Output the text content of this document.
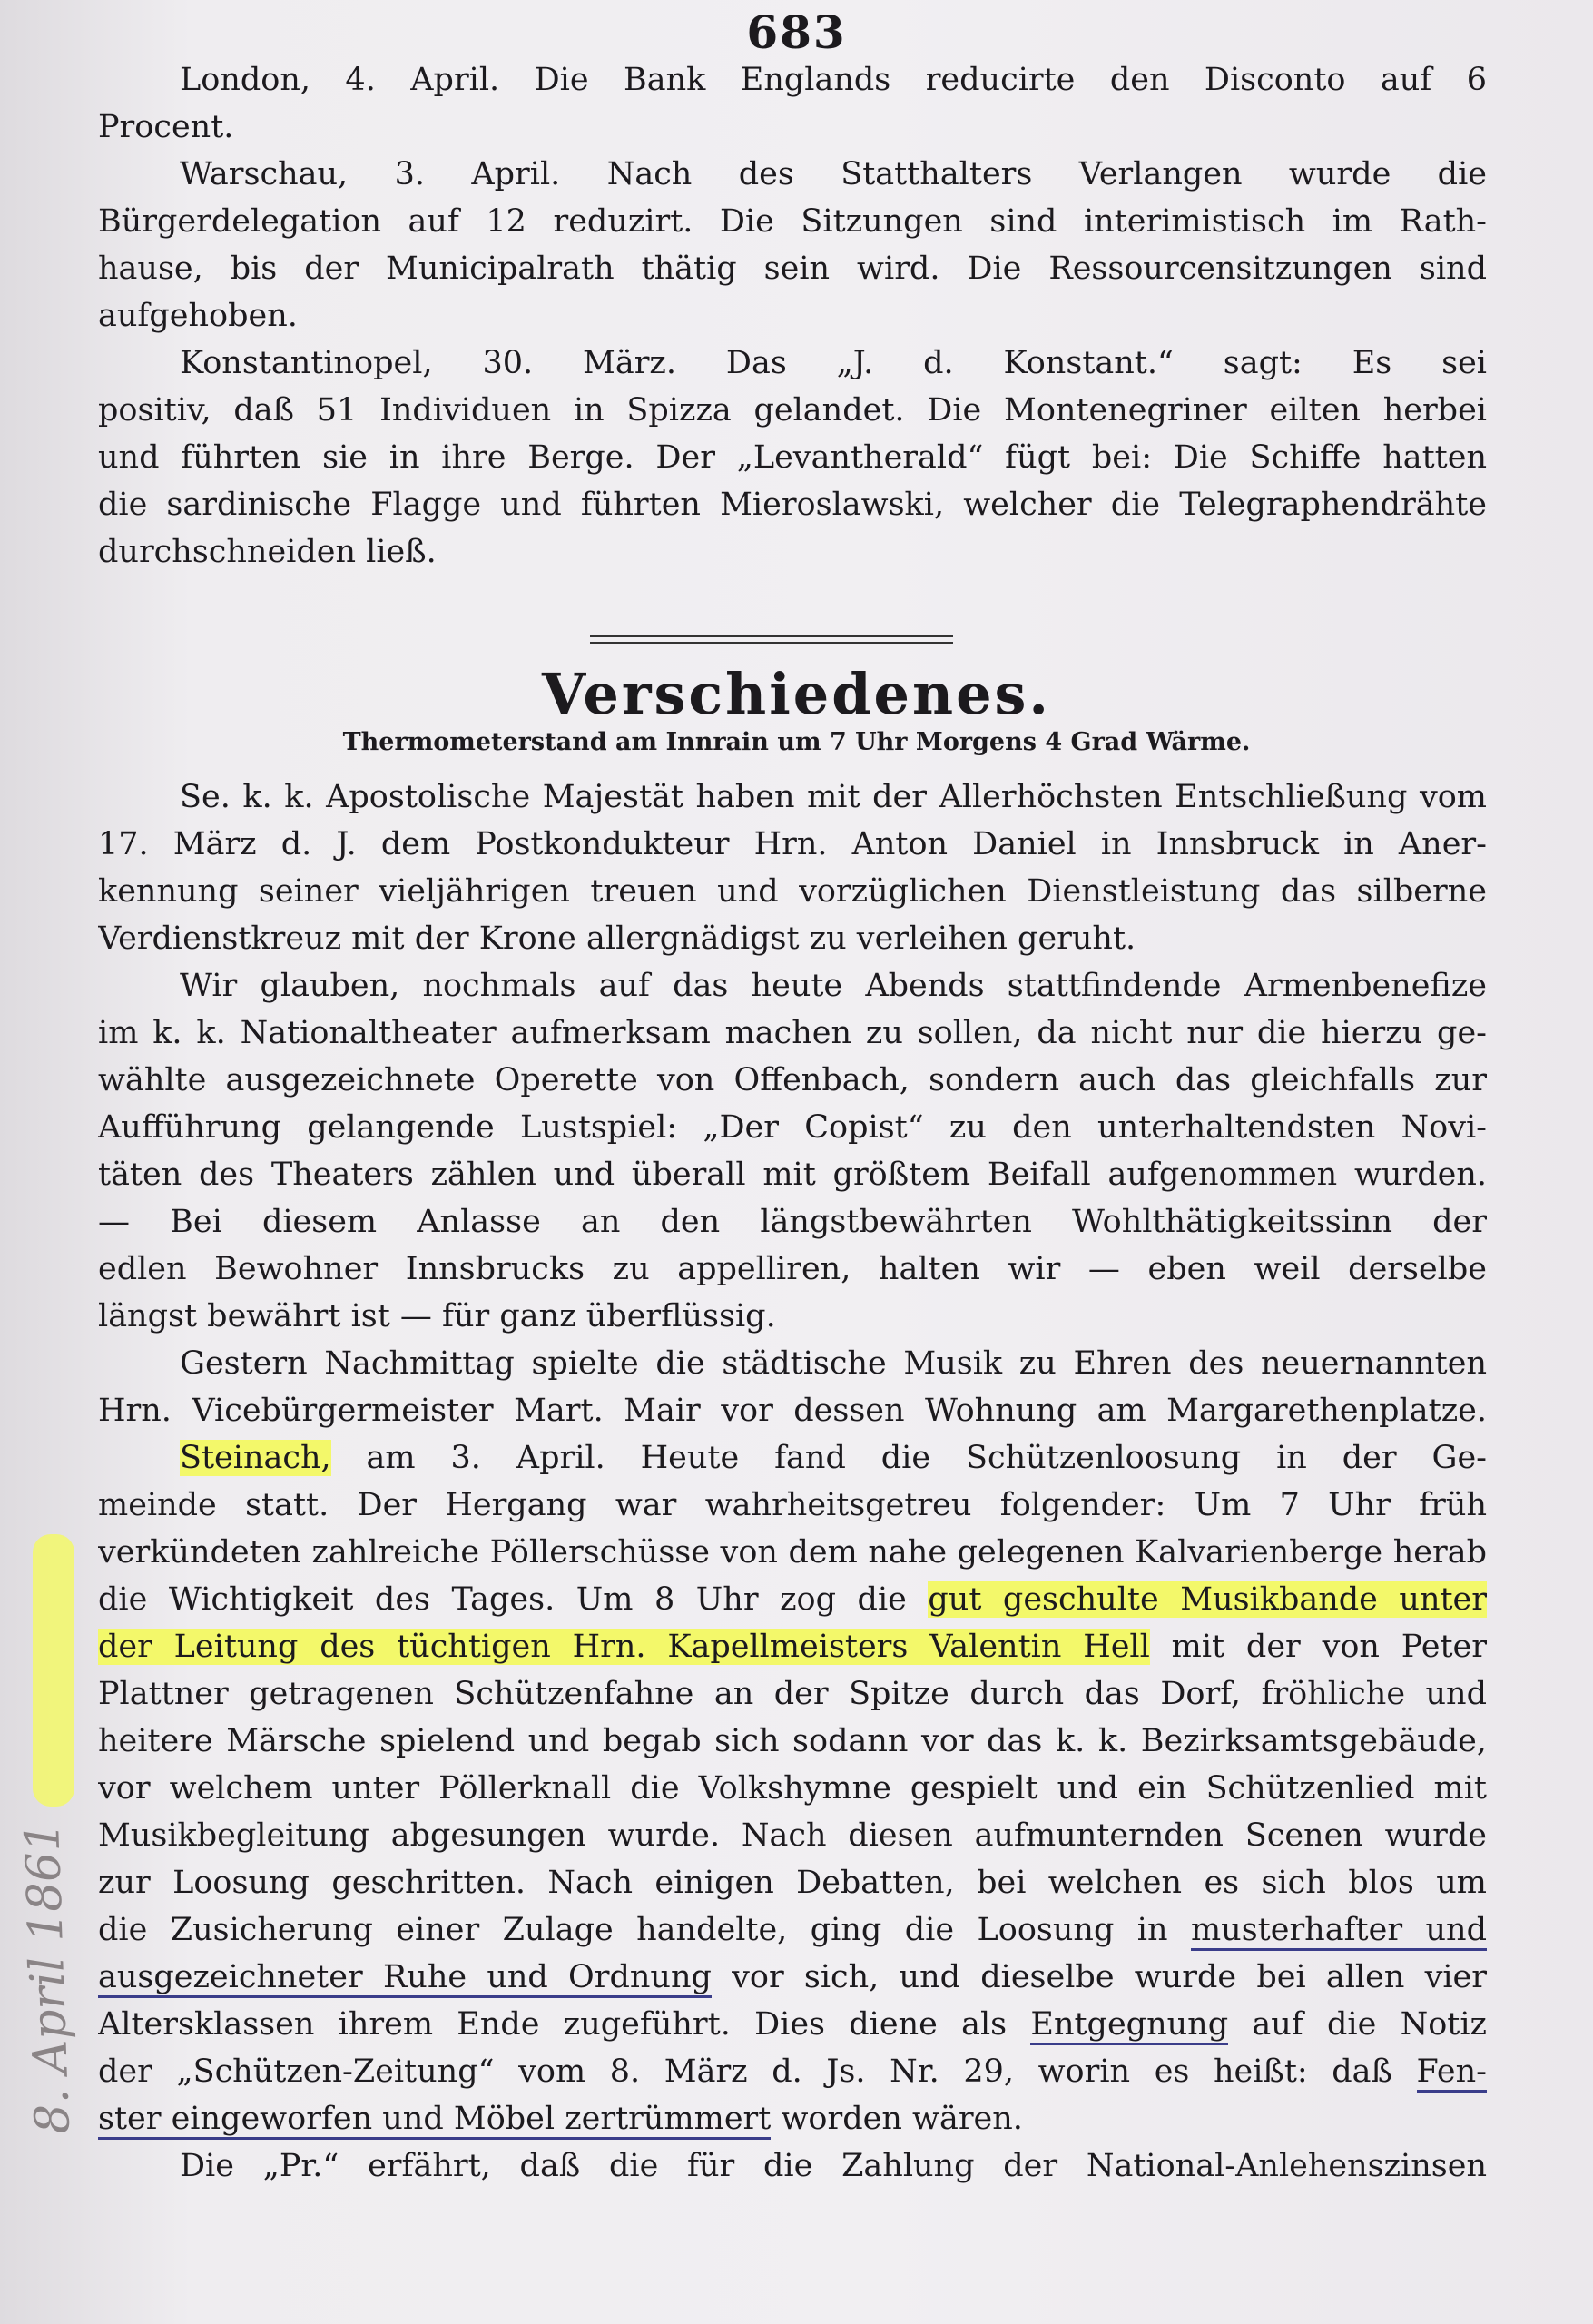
683
London, 4. April. Die Bank Englands reducirte den Disconto auf 6
Procent.
Warschau, 3. April. Nach des Statthalters Verlangen wurde die
Bürgerdelegation auf 12 reduzirt. Die Sitzungen sind interimistisch im Rath-
hause, bis der Municipalrath thätig sein wird. Die Ressourcensitzungen sind
aufgehoben.
Konstantinopel, 30. März. Das „J. d. Konstant.“ sagt: Es sei
positiv, daß 51 Individuen in Spizza gelandet. Die Montenegriner eilten herbei
und führten sie in ihre Berge. Der „Levantherald“ fügt bei: Die Schiffe hatten
die sardinische Flagge und führten Mieroslawski, welcher die Telegraphendrähte
durchschneiden ließ.
Verschiedenes.
Thermometerstand am Innrain um 7 Uhr Morgens 4 Grad Wärme.
Se. k. k. Apostolische Majestät haben mit der Allerhöchsten Entschließung vom
17. März d. J. dem Postkondukteur Hrn. Anton Daniel in Innsbruck in Aner-
kennung seiner vieljährigen treuen und vorzüglichen Dienstleistung das silberne
Verdienstkreuz mit der Krone allergnädigst zu verleihen geruht.
Wir glauben, nochmals auf das heute Abends stattfindende Armenbenefize
im k. k. Nationaltheater aufmerksam machen zu sollen, da nicht nur die hierzu ge-
wählte ausgezeichnete Operette von Offenbach, sondern auch das gleichfalls zur
Aufführung gelangende Lustspiel: „Der Copist“ zu den unterhaltendsten Novi-
täten des Theaters zählen und überall mit größtem Beifall aufgenommen wurden.
— Bei diesem Anlasse an den längstbewährten Wohlthätigkeitssinn der
edlen Bewohner Innsbrucks zu appelliren, halten wir — eben weil derselbe
längst bewährt ist — für ganz überflüssig.
Gestern Nachmittag spielte die städtische Musik zu Ehren des neuernannten
Hrn. Vicebürgermeister Mart. Mair vor dessen Wohnung am Margarethenplatze.
Steinach, am 3. April. Heute fand die Schützenloosung in der Ge-
meinde statt. Der Hergang war wahrheitsgetreu folgender: Um 7 Uhr früh
verkündeten zahlreiche Pöllerschüsse von dem nahe gelegenen Kalvarienberge herab
die Wichtigkeit des Tages. Um 8 Uhr zog die gut geschulte Musikbande unter
der Leitung des tüchtigen Hrn. Kapellmeisters Valentin Hell mit der von Peter
Plattner getragenen Schützenfahne an der Spitze durch das Dorf, fröhliche und
heitere Märsche spielend und begab sich sodann vor das k. k. Bezirksamtsgebäude,
vor welchem unter Pöllerknall die Volkshymne gespielt und ein Schützenlied mit
Musikbegleitung abgesungen wurde. Nach diesen aufmunternden Scenen wurde
zur Loosung geschritten. Nach einigen Debatten, bei welchen es sich blos um
die Zusicherung einer Zulage handelte, ging die Loosung in musterhafter und
ausgezeichneter Ruhe und Ordnung vor sich, und dieselbe wurde bei allen vier
Altersklassen ihrem Ende zugeführt. Dies diene als Entgegnung auf die Notiz
der „Schützen-Zeitung“ vom 8. März d. Js. Nr. 29, worin es heißt: daß Fen-
ster eingeworfen und Möbel zertrümmert worden wären.
Die „Pr.“ erfährt, daß die für die Zahlung der National-Anlehenszinsen
8. April 1861
